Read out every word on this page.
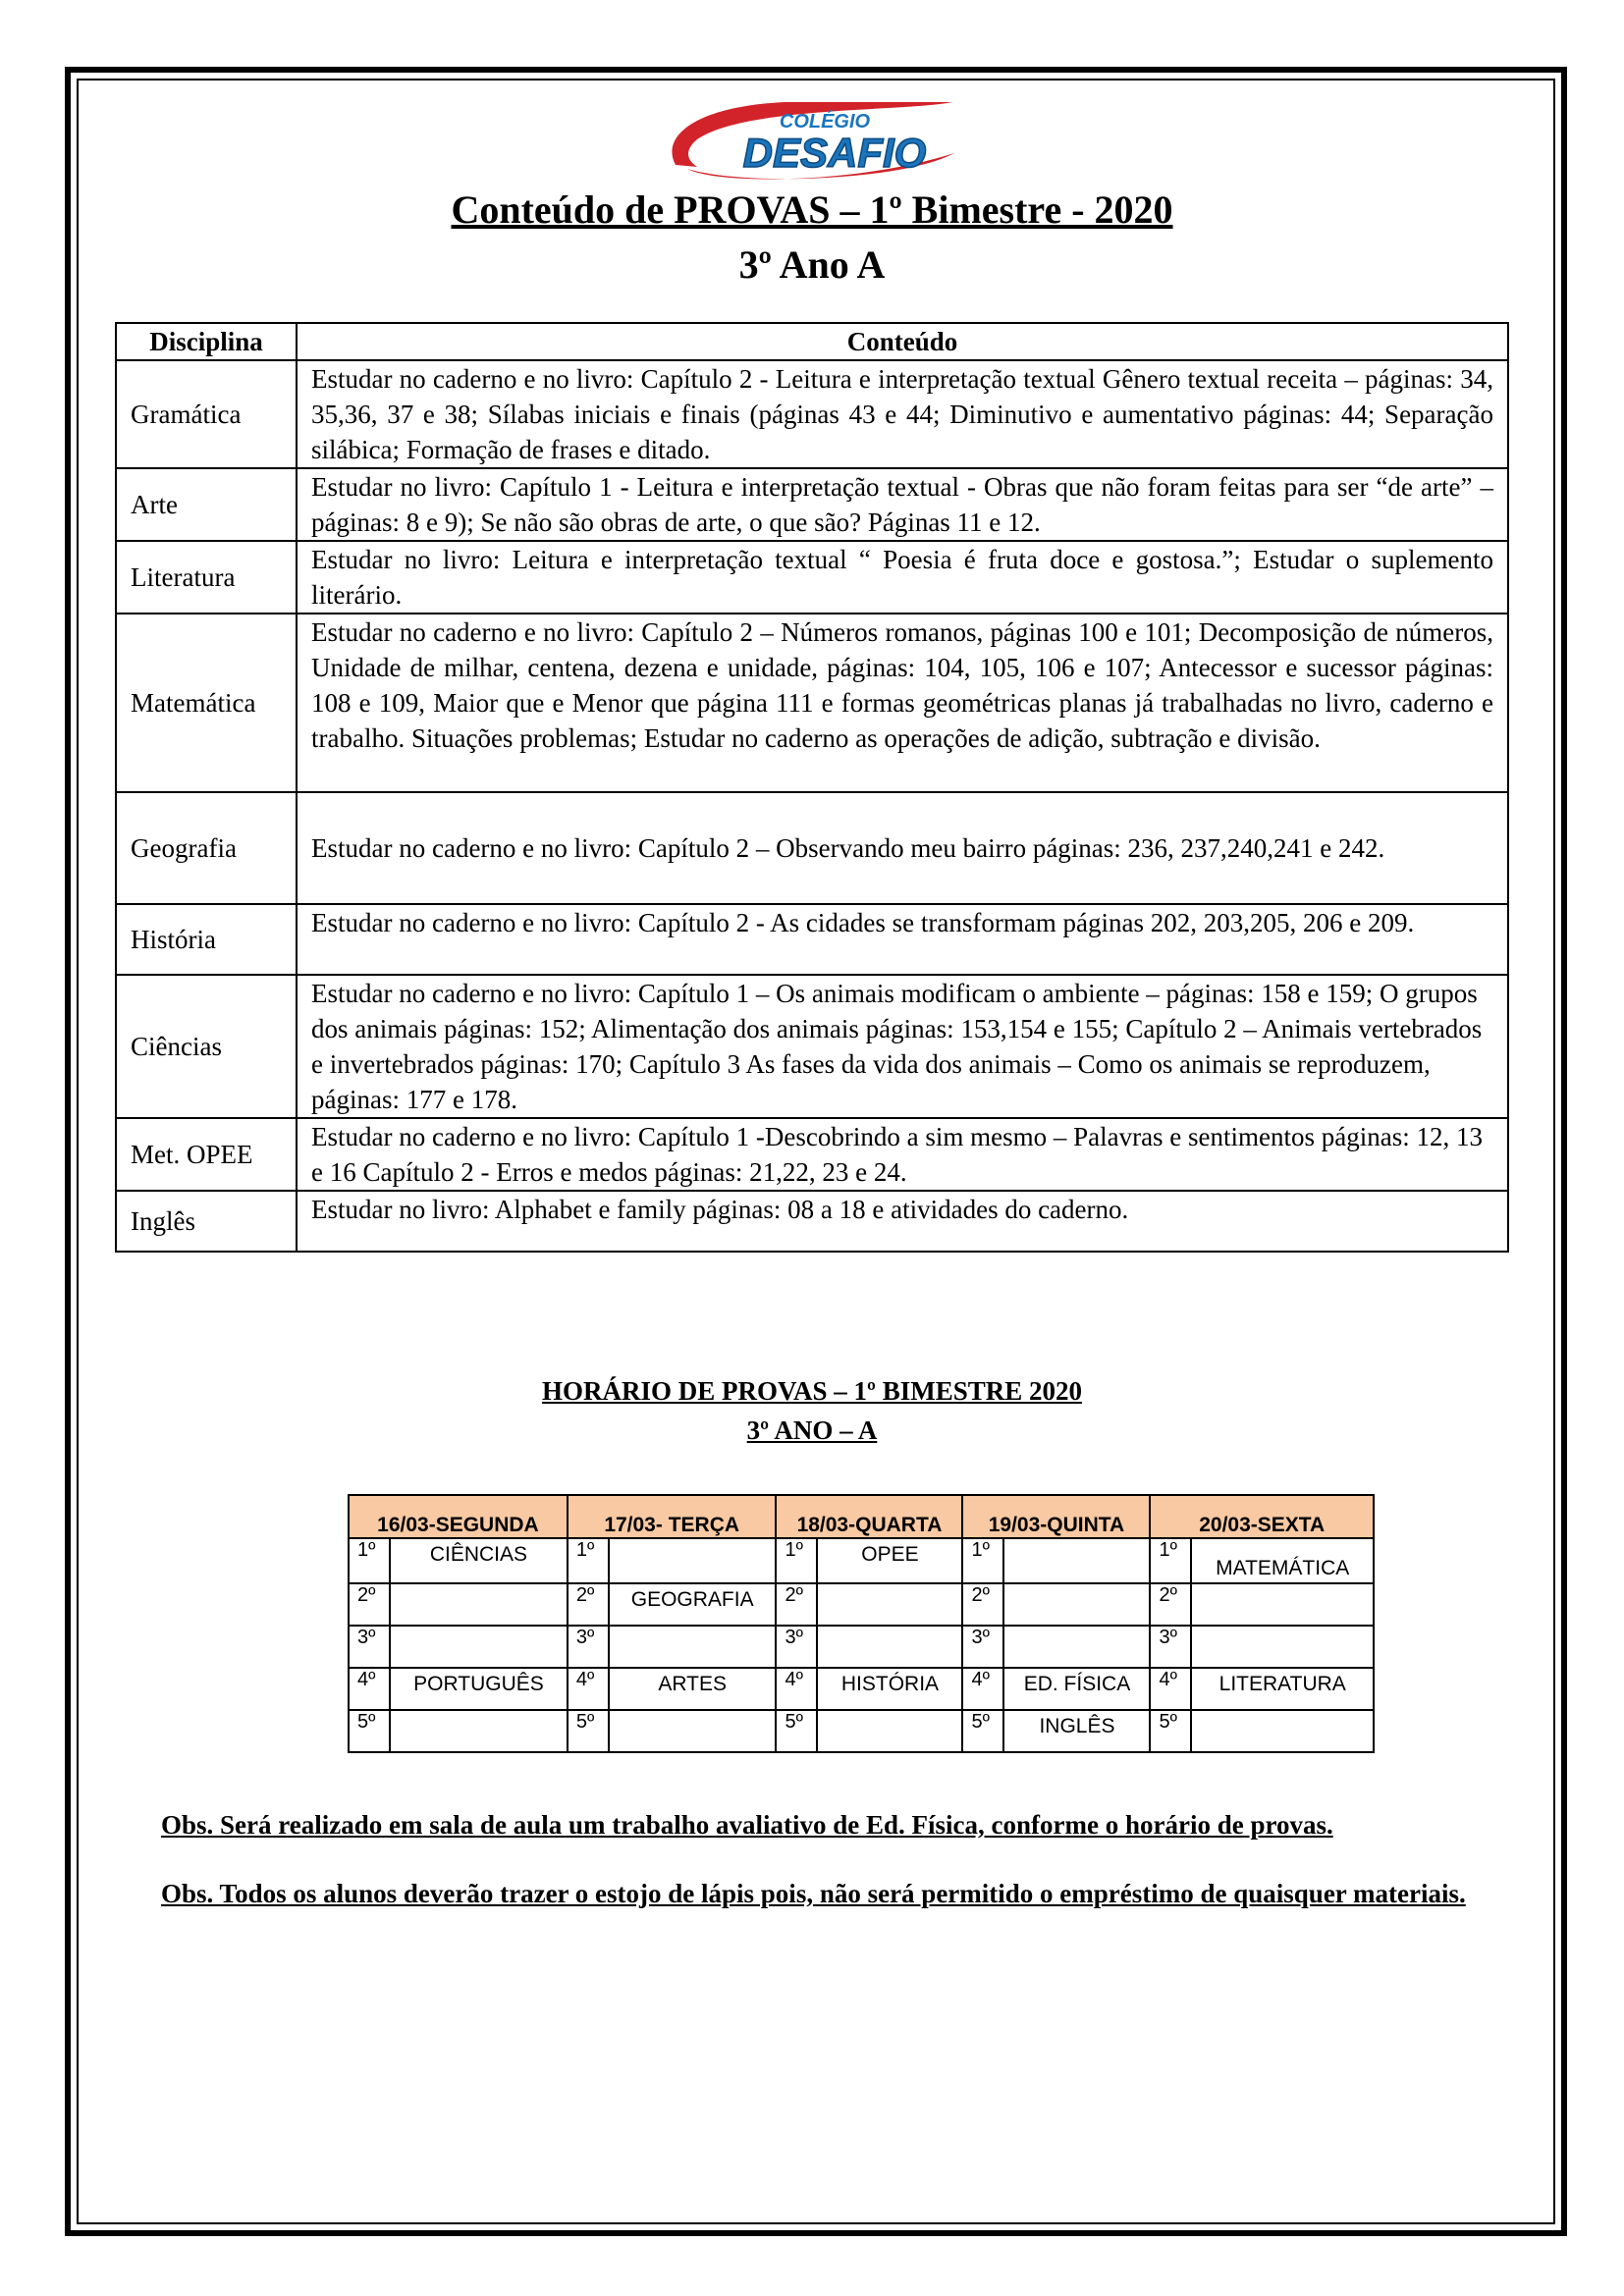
COLÉGIO
DESAFIO
Conteúdo de PROVAS – 1º Bimestre - 2020
3º Ano A
Disciplina	Conteúdo
Gramática	Estudar no caderno e no livro: Capítulo 2 - Leitura e interpretação textual Gênero textual receita – páginas: 34, 35,36, 37 e 38; Sílabas iniciais e finais (páginas 43 e 44; Diminutivo e aumentativo páginas: 44; Separação silábica; Formação de frases e ditado.
Arte	Estudar no livro: Capítulo 1 - Leitura e interpretação textual - Obras que não foram feitas para ser “de arte” – páginas: 8 e 9); Se não são obras de arte, o que são? Páginas 11 e 12.
Literatura	Estudar no livro: Leitura e interpretação textual “ Poesia é fruta doce e gostosa.”; Estudar o suplemento literário.
Matemática	Estudar no caderno e no livro: Capítulo 2 – Números romanos, páginas 100 e 101; Decomposição de números, Unidade de milhar, centena, dezena e unidade, páginas: 104, 105, 106 e 107; Antecessor e sucessor páginas: 108 e 109, Maior que e Menor que página 111 e formas geométricas planas já trabalhadas no livro, caderno e trabalho. Situações problemas; Estudar no caderno as operações de adição, subtração e divisão.
Geografia	Estudar no caderno e no livro: Capítulo 2 – Observando meu bairro páginas: 236, 237,240,241 e 242.
História	Estudar no caderno e no livro: Capítulo 2 - As cidades se transformam páginas 202, 203,205, 206 e 209.
Ciências	Estudar no caderno e no livro: Capítulo 1 – Os animais modificam o ambiente – páginas: 158 e 159; O grupos dos animais páginas: 152; Alimentação dos animais páginas: 153,154 e 155; Capítulo 2 – Animais vertebrados e invertebrados páginas: 170; Capítulo 3 As fases da vida dos animais – Como os animais se reproduzem, páginas: 177 e 178.
Met. OPEE	Estudar no caderno e no livro: Capítulo 1 -Descobrindo a sim mesmo – Palavras e sentimentos páginas: 12, 13 e 16 Capítulo 2 - Erros e medos páginas: 21,22, 23 e 24.
Inglês	Estudar no livro: Alphabet e family páginas: 08 a 18 e atividades do caderno.
HORÁRIO DE PROVAS – 1º BIMESTRE 2020
3º ANO – A
16/03-SEGUNDA		17/03- TERÇA		18/03-QUARTA		19/03-QUINTA		20/03-SEXTA	
1º	CIÊNCIAS	1º		1º	OPEE	1º		1º	MATEMÁTICA
2º		2º	GEOGRAFIA	2º		2º		2º	
3º		3º		3º		3º		3º	
4º	PORTUGUÊS	4º	ARTES	4º	HISTÓRIA	4º	ED. FÍSICA	4º	LITERATURA
5º		5º		5º		5º	INGLÊS	5º	
Obs. Será realizado em sala de aula um trabalho avaliativo de Ed. Física, conforme o horário de provas.
Obs. Todos os alunos deverão trazer o estojo de lápis pois, não será permitido o empréstimo de quaisquer materiais.
